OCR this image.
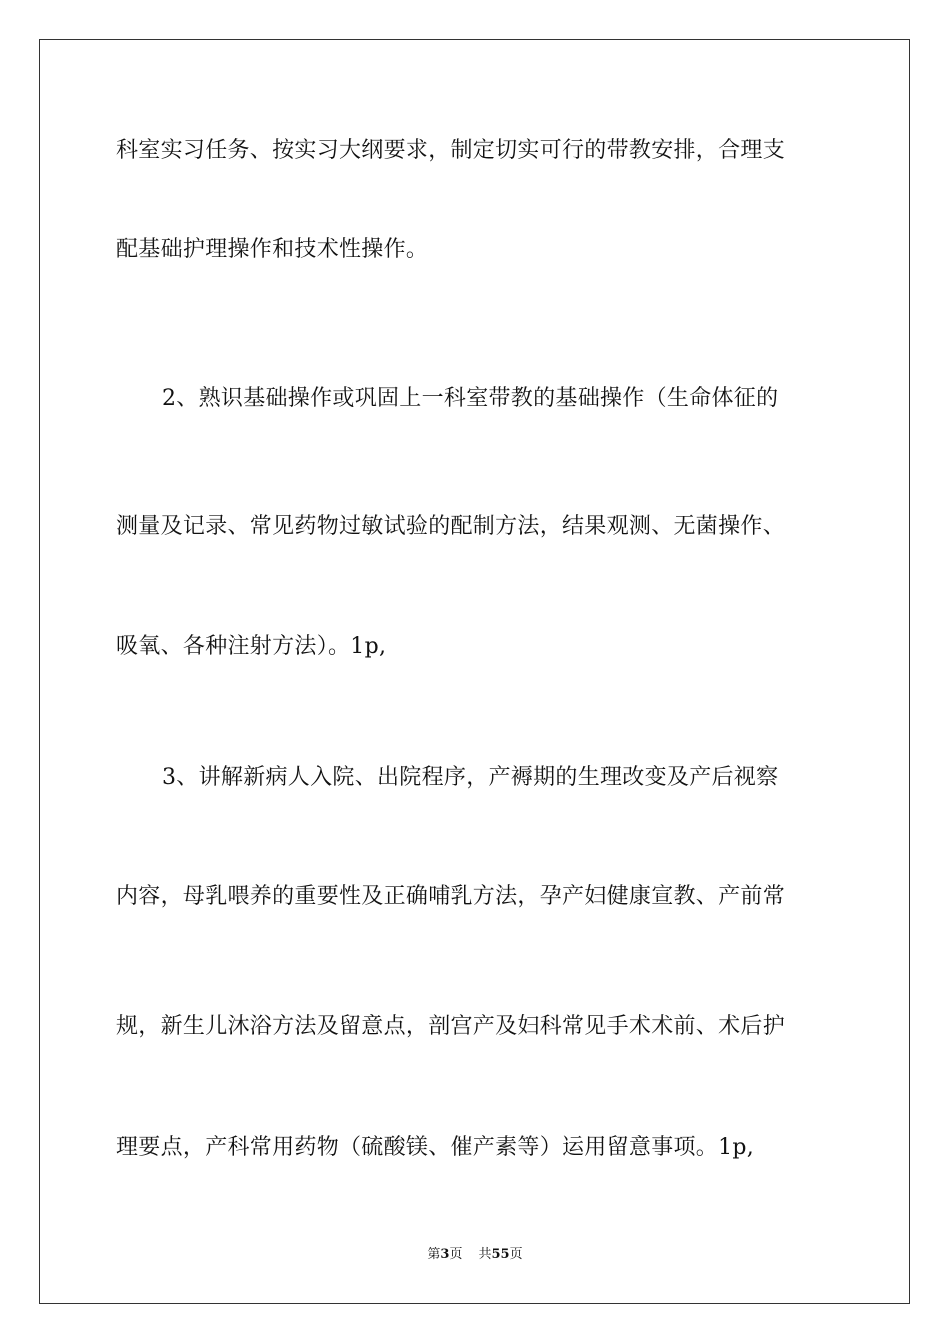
科室实习任务、按实习大纲要求，制定切实可行的带教安排，合理支
配基础护理操作和技术性操作。
2、熟识基础操作或巩固上一科室带教的基础操作（生命体征的
测量及记录、常见药物过敏试验的配制方法，结果观测、无菌操作、
吸氧、各种注射方法）。1p,
3、讲解新病人入院、出院程序，产褥期的生理改变及产后视察
内容，母乳喂养的重要性及正确哺乳方法，孕产妇健康宣教、产前常
规，新生儿沐浴方法及留意点，剖宫产及妇科常见手术术前、术后护
理要点，产科常用药物（硫酸镁、催产素等）运用留意事项。1p,
第3页 共55页
